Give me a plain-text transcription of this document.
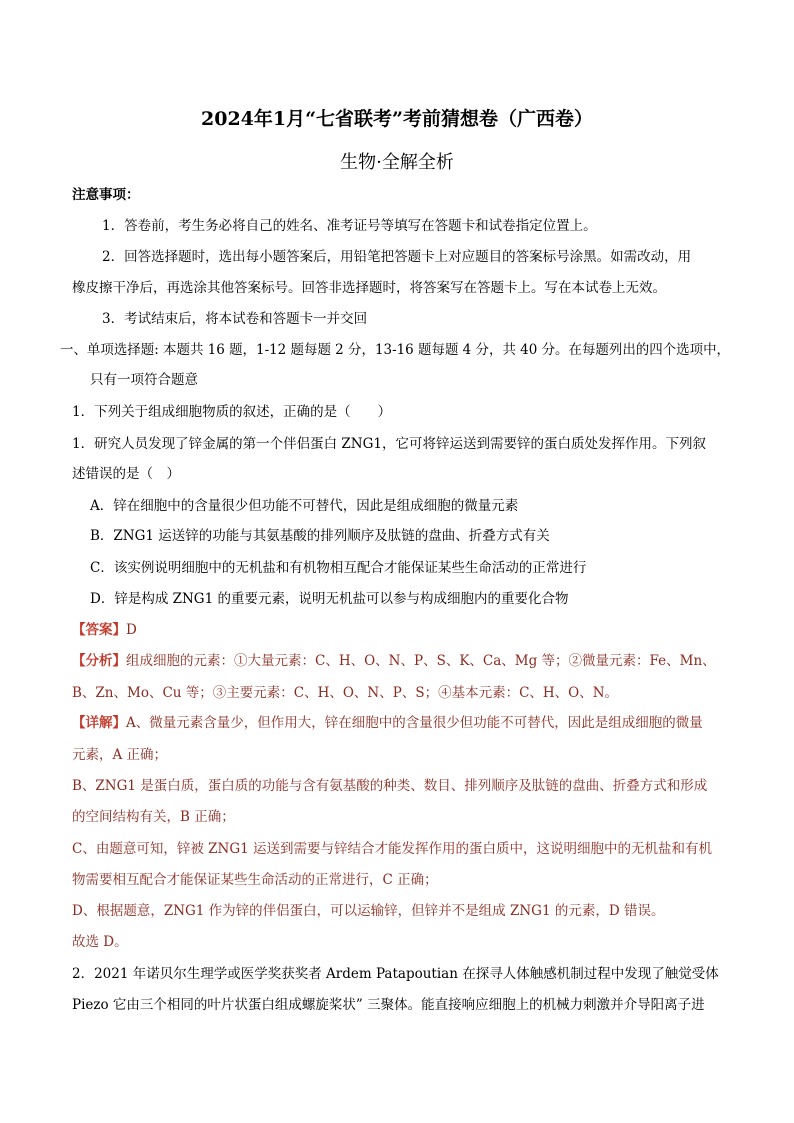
2024年1月“七省联考”考前猜想卷（广西卷）
生物·全解全析
注意事项：
1．答卷前，考生务必将自己的姓名、准考证号等填写在答题卡和试卷指定位置上。
2．回答选择题时，选出每小题答案后，用铅笔把答题卡上对应题目的答案标号涂黑。如需改动，用
橡皮擦干净后，再选涂其他答案标号。回答非选择题时，将答案写在答题卡上。写在本试卷上无效。
3．考试结束后，将本试卷和答题卡一并交回
一、单项选择题: 本题共 16 题，1-12 题每题 2 分，13-16 题每题 4 分，共 40 分。在每题列出的四个选项中，
只有一项符合题意
1．下列关于组成细胞物质的叙述，正确的是（　　）
1．研究人员发现了锌金属的第一个伴侣蛋白 ZNG1，它可将锌运送到需要锌的蛋白质处发挥作用。下列叙
述错误的是（　）
A．锌在细胞中的含量很少但功能不可替代，因此是组成细胞的微量元素
B．ZNG1 运送锌的功能与其氨基酸的排列顺序及肽链的盘曲、折叠方式有关
C．该实例说明细胞中的无机盐和有机物相互配合才能保证某些生命活动的正常进行
D．锌是构成 ZNG1 的重要元素，说明无机盐可以参与构成细胞内的重要化合物
【答案】D
【分析】组成细胞的元素：①大量元素：C、H、O、N、P、S、K、Ca、Mg 等；②微量元素：Fe、Mn、
B、Zn、Mo、Cu 等；③主要元素：C、H、O、N、P、S；④基本元素：C、H、O、N。
【详解】A、微量元素含量少，但作用大，锌在细胞中的含量很少但功能不可替代，因此是组成细胞的微量
元素，A 正确；
B、ZNG1 是蛋白质，蛋白质的功能与含有氨基酸的种类、数目、排列顺序及肽链的盘曲、折叠方式和形成
的空间结构有关，B 正确；
C、由题意可知，锌被 ZNG1 运送到需要与锌结合才能发挥作用的蛋白质中，这说明细胞中的无机盐和有机
物需要相互配合才能保证某些生命活动的正常进行，C 正确；
D、根据题意，ZNG1 作为锌的伴侣蛋白，可以运输锌，但锌并不是组成 ZNG1 的元素，D 错误。
故选 D。
2．2021 年诺贝尔生理学或医学奖获奖者 Ardem Patapoutian 在探寻人体触感机制过程中发现了触觉受体
Piezo 它由三个相同的叶片状蛋白组成螺旋桨状” 三聚体。能直接响应细胞上的机械力刺激并介导阳离子进
